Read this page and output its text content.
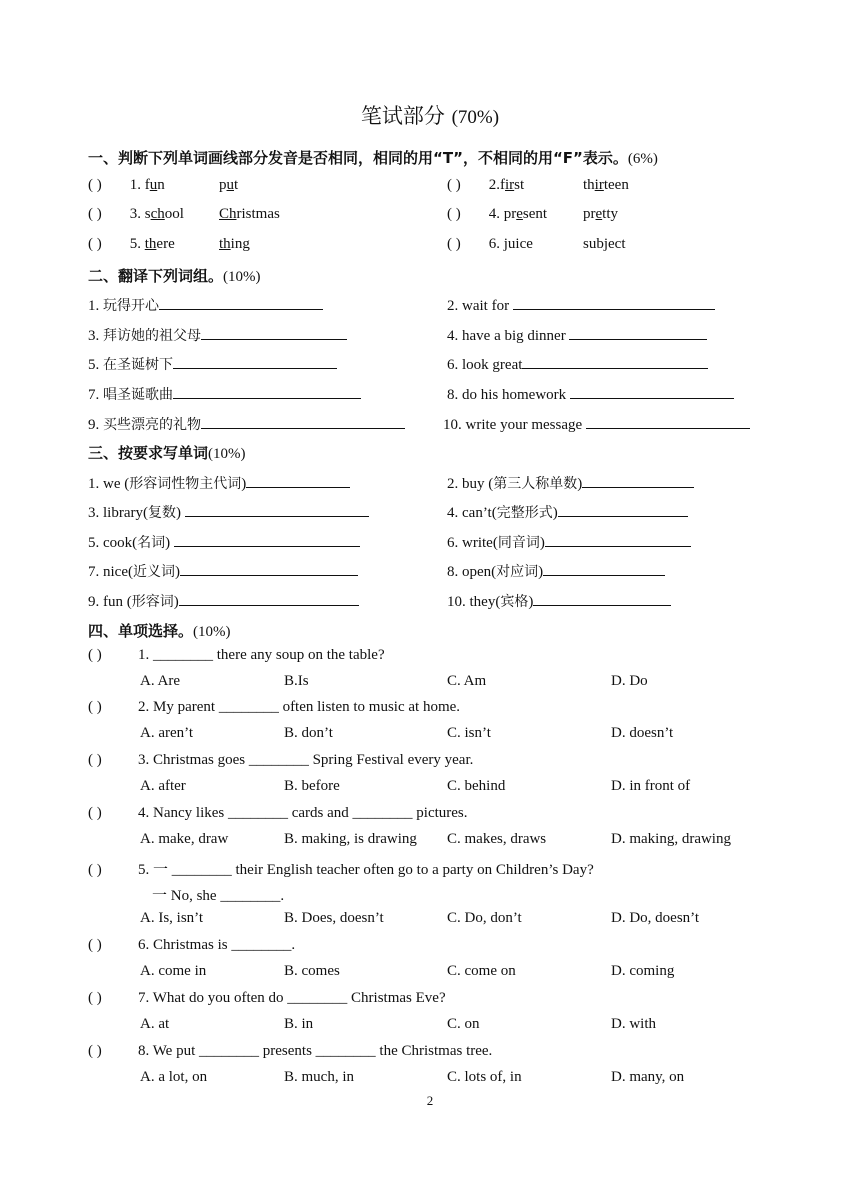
笔试部分 (70%)
一、判断下列单词画线部分发音是否相同，相同的用“T”，不相同的用“F”表示。(6%)
( ) 1. fun	put	( ) 2.first	thirteen
( ) 3. school Christmas	( ) 4. present pretty
( ) 5. there	thing	( ) 6. juice	subject
二、翻译下列词组。(10%)
1. 玩得开心	2. wait for
3. 拜访她的祖父母	4. have a big dinner
5. 在圣诞树下	6. look great
7. 唱圣诞歌曲	8. do his homework
9. 买些漂亮的礼物	10. write your message
三、按要求写单词(10%)
1. we (形容词性物主代词)	2. buy (第三人称单数)
3. library(复数)	4. can’t(完整形式)
5. cook(名词)	6. write(同音词)
7. nice(近义词)	8. open(对应词)
9. fun (形容词)	10. they(宾格)
四、单项选择。(10%)
( ) 1. ________ there any soup on the table?
A. Are	B.Is	C. Am	D. Do
( ) 2. My parent ________ often listen to music at home.
A. aren’t	B. don’t	C. isn’t	D. doesn’t
( ) 3. Christmas goes ________ Spring Festival every year.
A. after	B. before	C. behind	D. in front of
( ) 4. Nancy likes ________ cards and ________ pictures.
A. make, draw	B. making, is drawing C. makes, draws	D. making, drawing
( ) 5. 一 ________ their English teacher often go to a party on Children’s Day?
一 No, she ________.
A. Is, isn’t	B. Does, doesn’t	C. Do, don’t	D. Do, doesn’t
( ) 6. Christmas is ________.
A. come in	B. comes	C. come on	D. coming
( ) 7. What do you often do ________ Christmas Eve?
A. at	B. in	C. on	D. with
( ) 8. We put ________ presents ________ the Christmas tree.
A. a lot, on	B. much, in	C. lots of, in	D. many, on
2
